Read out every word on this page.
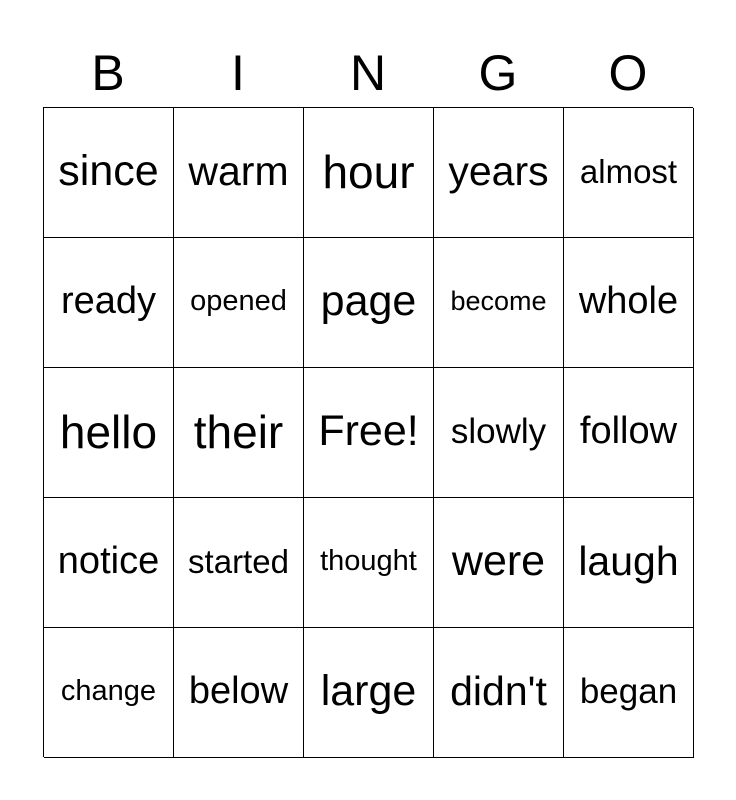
B	I	N	G	O
since warm hour years almost
ready	opened page	become whole
hello their Free! slowly follow
notice started	thought were laugh
change below large didn't began
